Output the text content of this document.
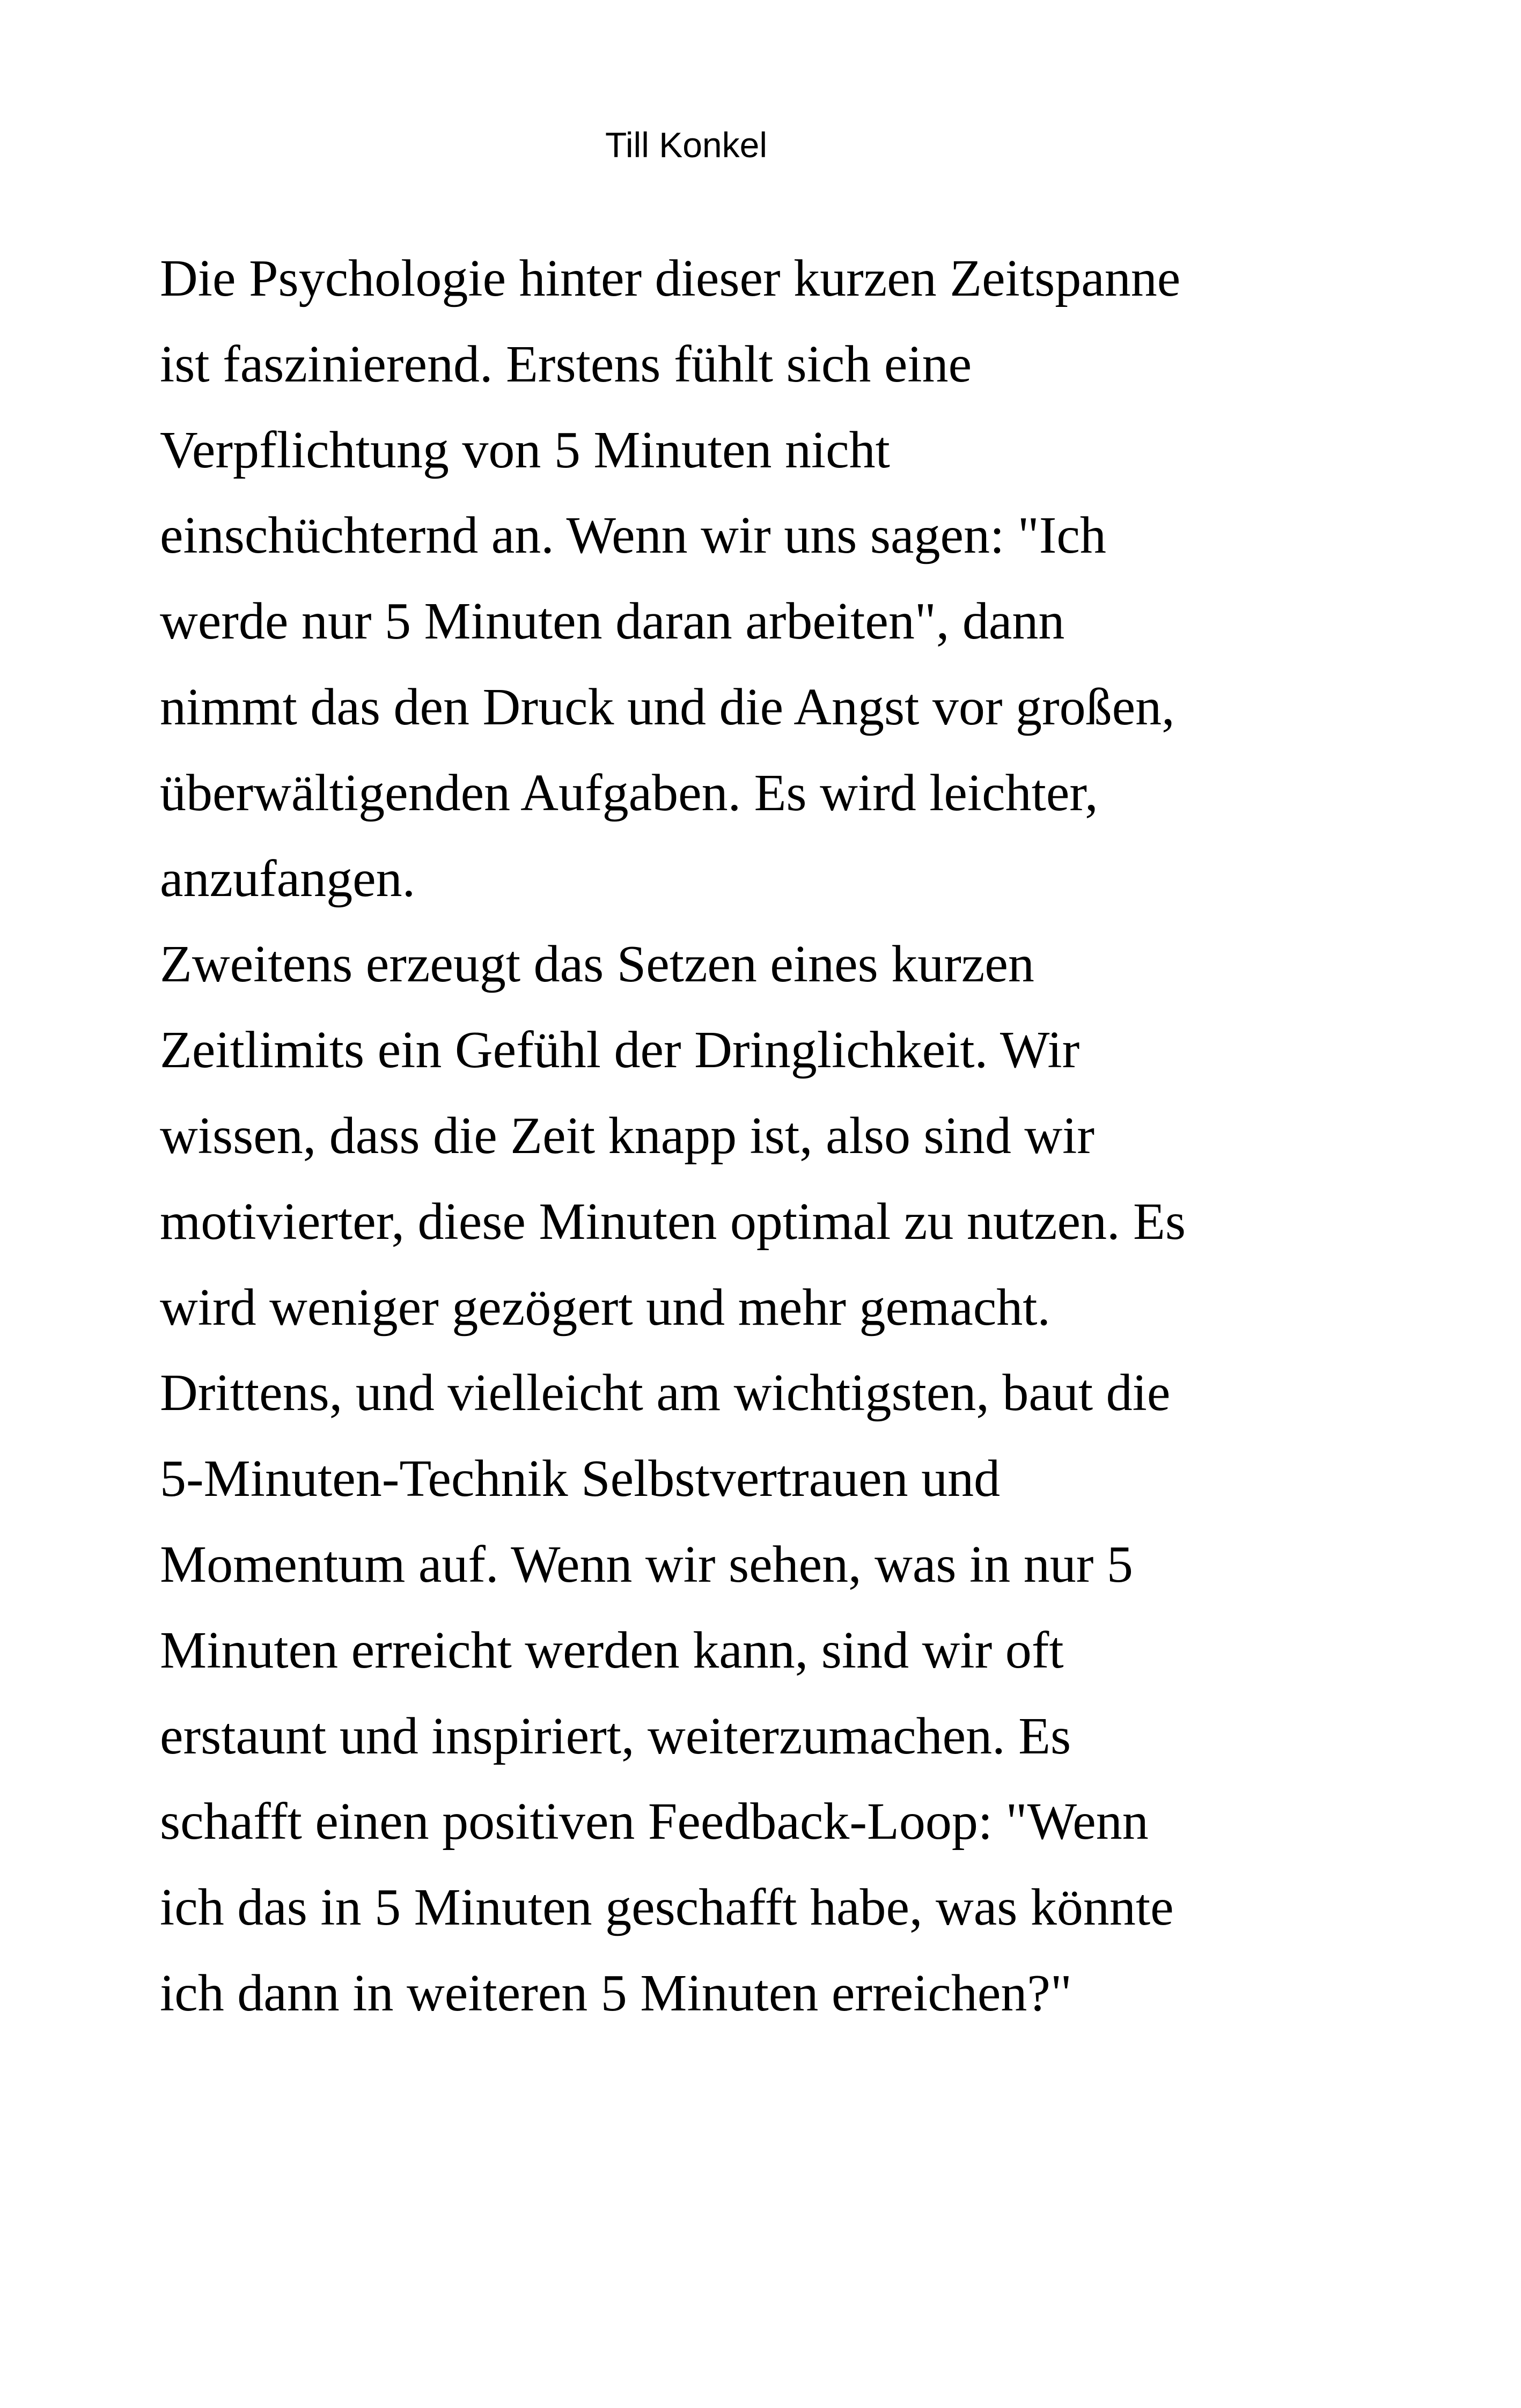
Till Konkel
Die Psychologie hinter dieser kurzen Zeitspanne
ist faszinierend. Erstens fühlt sich eine
Verpflichtung von 5 Minuten nicht
einschüchternd an. Wenn wir uns sagen: "Ich
werde nur 5 Minuten daran arbeiten", dann
nimmt das den Druck und die Angst vor großen,
überwältigenden Aufgaben. Es wird leichter,
anzufangen.
Zweitens erzeugt das Setzen eines kurzen
Zeitlimits ein Gefühl der Dringlichkeit. Wir
wissen, dass die Zeit knapp ist, also sind wir
motivierter, diese Minuten optimal zu nutzen. Es
wird weniger gezögert und mehr gemacht.
Drittens, und vielleicht am wichtigsten, baut die
5-Minuten-Technik Selbstvertrauen und
Momentum auf. Wenn wir sehen, was in nur 5
Minuten erreicht werden kann, sind wir oft
erstaunt und inspiriert, weiterzumachen. Es
schafft einen positiven Feedback-Loop: "Wenn
ich das in 5 Minuten geschafft habe, was könnte
ich dann in weiteren 5 Minuten erreichen?"
